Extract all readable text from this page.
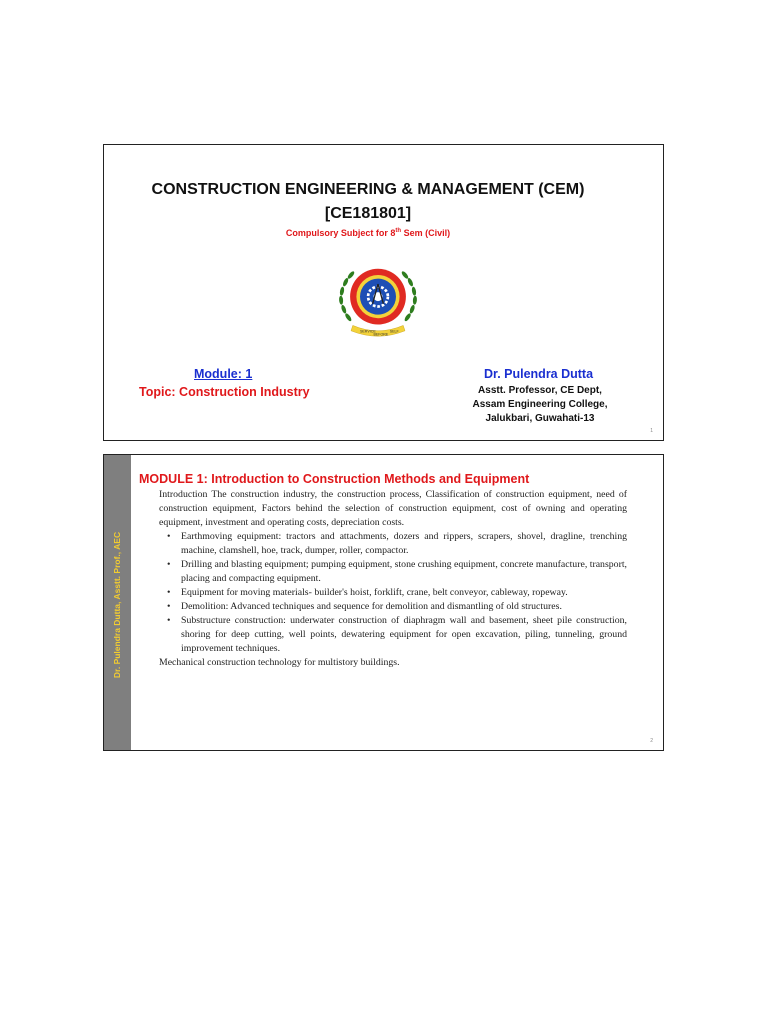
CONSTRUCTION ENGINEERING & MANAGEMENT (CEM)
[CE181801]
Compulsory Subject for 8th Sem (Civil)
SERVICE
BEFORE
SELF
Module: 1
Topic: Construction Industry
Dr. Pulendra Dutta
Asstt. Professor, CE Dept,
Assam Engineering College,
Jalukbari, Guwahati-13
1
Dr. Pulendra Dutta, Asstt. Prof., AEC
MODULE 1: Introduction to Construction Methods and Equipment

Introduction The construction industry, the construction process, Classification of construction equipment, need of construction equipment, Factors behind the selection of construction equipment, cost of owning and operating equipment, investment and operating costs, depreciation costs.

• Earthmoving equipment: tractors and attachments, dozers and rippers, scrapers, shovel, dragline, trenching machine, clamshell, hoe, track, dumper, roller, compactor.
• Drilling and blasting equipment; pumping equipment, stone crushing equipment, concrete manufacture, transport, placing and compacting equipment.
• Equipment for moving materials- builder's hoist, forklift, crane, belt conveyor, cableway, ropeway.
• Demolition: Advanced techniques and sequence for demolition and dismantling of old structures.
• Substructure construction: underwater construction of diaphragm wall and basement, sheet pile construction, shoring for deep cutting, well points, dewatering equipment for open excavation, piling, tunneling, ground improvement techniques.

Mechanical construction technology for multistory buildings.

2
